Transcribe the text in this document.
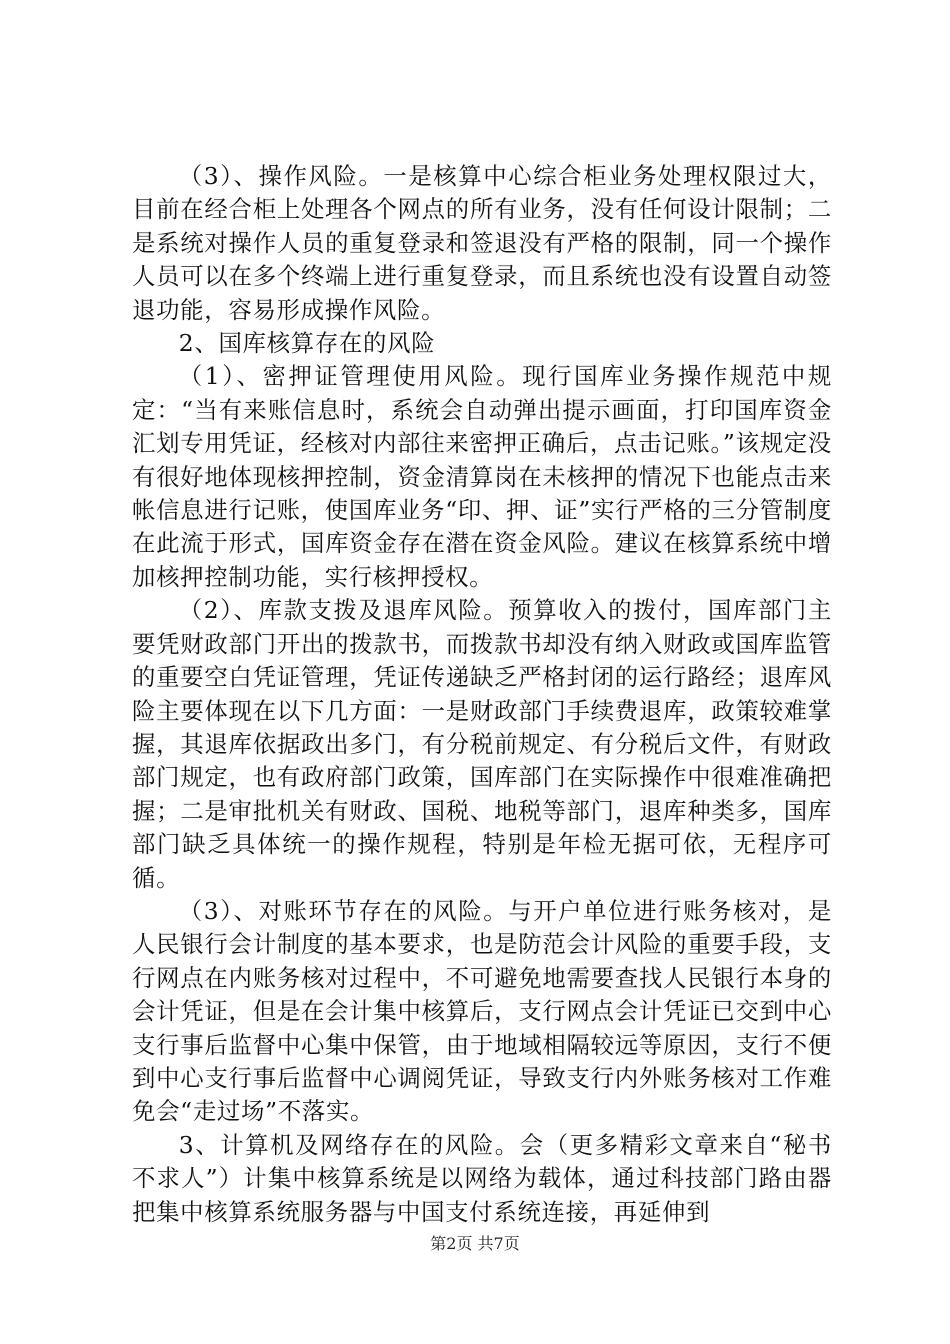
（3）、操作风险。一是核算中心综合柜业务处理权限过大，目前在经合柜上处理各个网点的所有业务，没有任何设计限制；二是系统对操作人员的重复登录和签退没有严格的限制，同一个操作人员可以在多个终端上进行重复登录，而且系统也没有设置自动签退功能，容易形成操作风险。

2、国库核算存在的风险

（1）、密押证管理使用风险。现行国库业务操作规范中规定：“当有来账信息时，系统会自动弹出提示画面，打印国库资金汇划专用凭证，经核对内部往来密押正确后，点击记账。”该规定没有很好地体现核押控制，资金清算岗在未核押的情况下也能点击来帐信息进行记账，使国库业务“印、押、证”实行严格的三分管制度在此流于形式，国库资金存在潜在资金风险。建议在核算系统中增加核押控制功能，实行核押授权。

（2）、库款支拨及退库风险。预算收入的拨付，国库部门主要凭财政部门开出的拨款书，而拨款书却没有纳入财政或国库监管的重要空白凭证管理，凭证传递缺乏严格封闭的运行路经；退库风险主要体现在以下几方面：一是财政部门手续费退库，政策较难掌握，其退库依据政出多门，有分税前规定、有分税后文件，有财政部门规定，也有政府部门政策，国库部门在实际操作中很难准确把握；二是审批机关有财政、国税、地税等部门，退库种类多，国库部门缺乏具体统一的操作规程，特别是年检无据可依，无程序可循。

（3）、对账环节存在的风险。与开户单位进行账务核对，是人民银行会计制度的基本要求，也是防范会计风险的重要手段，支行网点在内账务核对过程中，不可避免地需要查找人民银行本身的会计凭证，但是在会计集中核算后，支行网点会计凭证已交到中心支行事后监督中心集中保管，由于地域相隔较远等原因，支行不便到中心支行事后监督中心调阅凭证，导致支行内外账务核对工作难免会“走过场”不落实。

3、计算机及网络存在的风险。会（更多精彩文章来自“秘书不求人”）计集中核算系统是以网络为载体，通过科技部门路由器把集中核算系统服务器与中国支付系统连接，再延伸到

第2页 共7页
